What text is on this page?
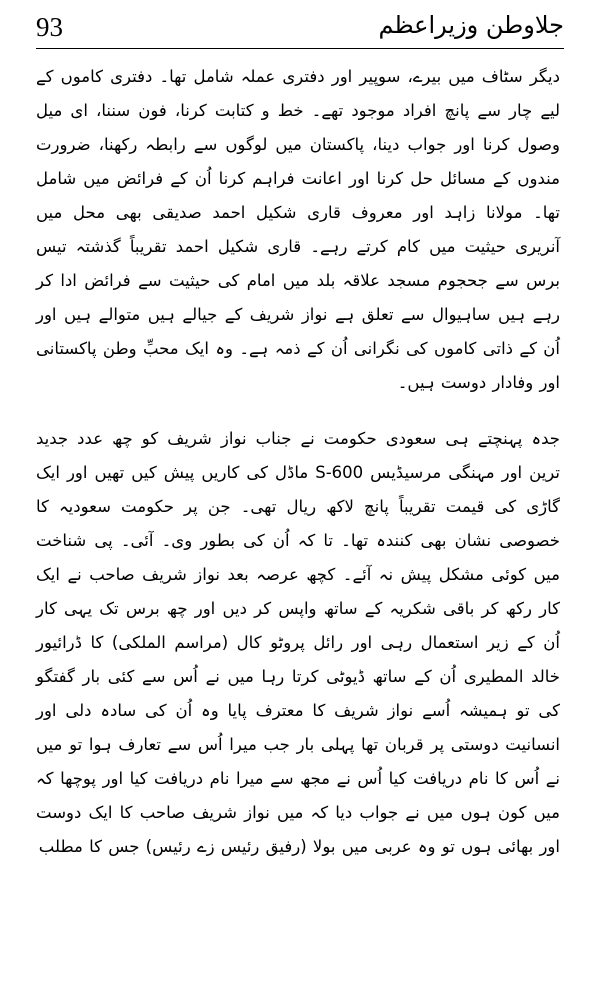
93	جلاوطن وزیراعظم

دیگر سٹاف میں بیرے، سوپیر اور دفتری عملہ شامل تھا۔ دفتری کاموں کے لیے چار سے پانچ افراد موجود تھے۔ خط و کتابت کرنا، فون سننا، ای میل وصول کرنا اور جواب دینا، پاکستان میں لوگوں سے رابطہ رکھنا، ضرورت مندوں کے مسائل حل کرنا اور اعانت فراہم کرنا اُن کے فرائض میں شامل تھا۔ مولانا زاہد اور معروف قاری شکیل احمد صدیقی بھی محل میں آنریری حیثیت میں کام کرتے رہے۔ قاری شکیل احمد تقریباً گذشتہ تیس برس سے جحجوم مسجد علاقہ بلد میں امام کی حیثیت سے فرائض ادا کر رہے ہیں ساہیوال سے تعلق ہے نواز شریف کے جیالے ہیں متوالے ہیں اور اُن کے ذاتی کاموں کی نگرانی اُن کے ذمہ ہے۔ وہ ایک محبِّ وطن پاکستانی اور وفادار دوست ہیں۔

جدہ پہنچتے ہی سعودی حکومت نے جناب نواز شریف کو چھ عدد جدید ترین اور مہنگی مرسیڈیس S-600 ماڈل کی کاریں پیش کیں تھیں اور ایک گاڑی کی قیمت تقریباً پانچ لاکھ ریال تھی۔ جن پر حکومت سعودیہ کا خصوصی نشان بھی کنندہ تھا۔ تا کہ اُن کی بطور وی۔ آئی۔ پی شناخت میں کوئی مشکل پیش نہ آئے۔ کچھ عرصہ بعد نواز شریف صاحب نے ایک کار رکھ کر باقی شکریہ کے ساتھ واپس کر دیں اور چھ برس تک یہی کار اُن کے زیر استعمال رہی اور رائل پروٹو کال (مراسم الملکی) کا ڈرائیور خالد المطیری اُن کے ساتھ ڈیوٹی کرتا رہا میں نے اُس سے کئی بار گفتگو کی تو ہمیشہ اُسے نواز شریف کا معترف پایا وہ اُن کی سادہ دلی اور انسانیت دوستی پر قربان تھا پہلی بار جب میرا اُس سے تعارف ہوا تو میں نے اُس کا نام دریافت کیا اُس نے مجھ سے میرا نام دریافت کیا اور پوچھا کہ میں کون ہوں میں نے جواب دیا کہ میں نواز شریف صاحب کا ایک دوست اور بھائی ہوں تو وہ عربی میں بولا (رفیق رئیس زے رئیس) جس کا مطلب
